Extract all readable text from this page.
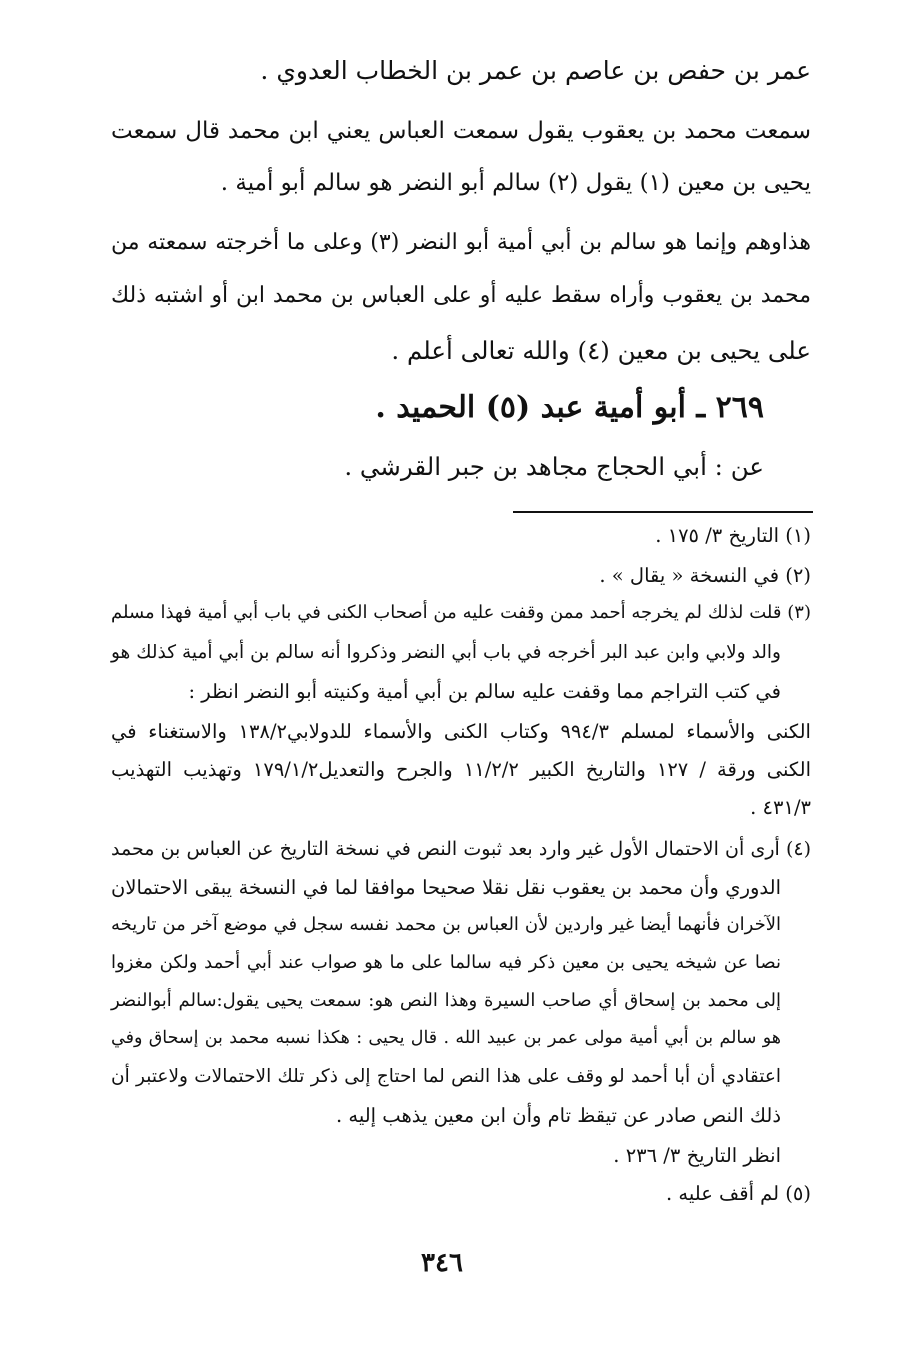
عمر بن حفص بن عاصم بن عمر بن الخطاب العدوي .
سمعت محمد بن يعقوب يقول سمعت العباس يعني ابن محمد قال سمعت
يحيى بن معين (١) يقول (٢) سالم أبو النضر هو سالم أبو أمية .
هذاوهم وإنما هو سالم بن أبي أمية أبو النضر (٣) وعلى ما أخرجته سمعته من
محمد بن يعقوب وأراه سقط عليه أو على العباس بن محمد ابن أو اشتبه ذلك
على يحيى بن معين (٤) والله تعالى أعلم .
٢٦٩ ـ أبو أمية عبد (٥) الحميد .
عن : أبي الحجاج مجاهد بن جبر القرشي .
(١) التاريخ ٣/ ١٧٥ .
(٢) في النسخة « يقال » .
(٣) قلت لذلك لم يخرجه أحمد ممن وقفت عليه من أصحاب الكنى في باب أبي أمية فهذا مسلم
والد ولابي وابن عبد البر أخرجه في باب أبي النضر وذكروا أنه سالم بن أبي أمية كذلك هو
في كتب التراجم مما وقفت عليه سالم بن أبي أمية وكنيته أبو النضر انظر :
الكنى والأسماء لمسلم ٩٩٤/٣ وكتاب الكنى والأسماء للدولابي١٣٨/٢ والاستغناء في
الكنى ورقة / ١٢٧ والتاريخ الكبير ١١/٢/٢ والجرح والتعديل١٧٩/١/٢ وتهذيب التهذيب
٤٣١/٣ .
(٤) أرى أن الاحتمال الأول غير وارد بعد ثبوت النص في نسخة التاريخ عن العباس بن محمد
الدوري وأن محمد بن يعقوب نقل نقلا صحيحا موافقا لما في النسخة يبقى الاحتمالان
الآخران فأنهما أيضا غير واردين لأن العباس بن محمد نفسه سجل في موضع آخر من تاريخه
نصا عن شيخه يحيى بن معين ذكر فيه سالما على ما هو صواب عند أبي أحمد ولكن مغزوا
إلى محمد بن إسحاق أي صاحب السيرة وهذا النص هو: سمعت يحيى يقول:سالم أبوالنضر
هو سالم بن أبي أمية مولى عمر بن عبيد الله . قال يحيى : هكذا نسبه محمد بن إسحاق وفي
اعتقادي أن أبا أحمد لو وقف على هذا النص لما احتاج إلى ذكر تلك الاحتمالات ولاعتبر أن
ذلك النص صادر عن تيقظ تام وأن ابن معين يذهب إليه .
انظر التاريخ ٣/ ٢٣٦ .
(٥) لم أقف عليه .
٣٤٦
